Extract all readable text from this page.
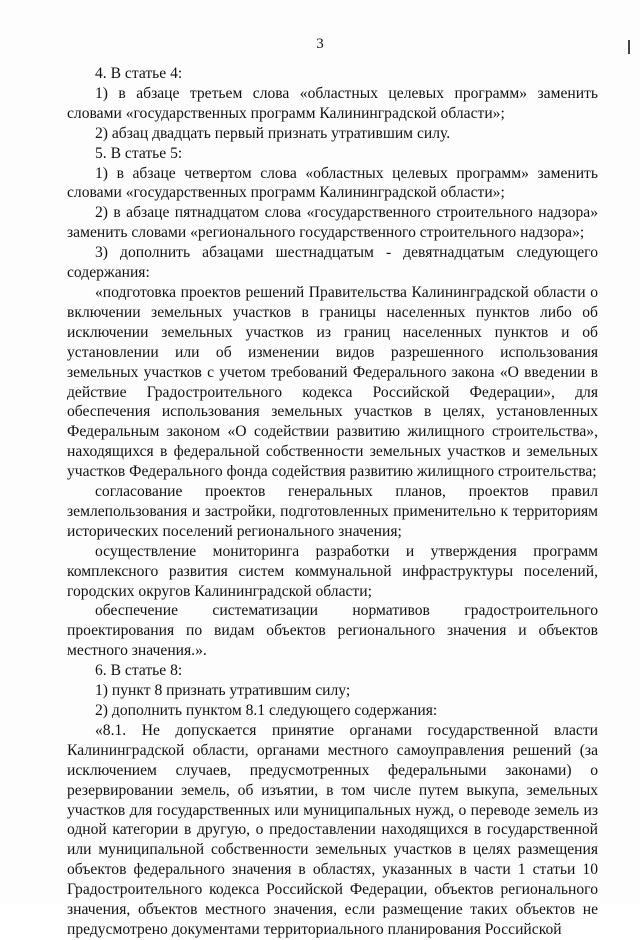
3

4. В статье 4:

1) в абзаце третьем слова «областных целевых программ» заменить словами «государственных программ Калининградской области»;

2) абзац двадцать первый признать утратившим силу.

5. В статье 5:

1) в абзаце четвертом слова «областных целевых программ» заменить словами «государственных программ Калининградской области»;

2) в абзаце пятнадцатом слова «государственного строительного надзора» заменить словами «регионального государственного строительного надзора»;

3) дополнить абзацами шестнадцатым - девятнадцатым следующего содержания:

«подготовка проектов решений Правительства Калининградской области о включении земельных участков в границы населенных пунктов либо об исключении земельных участков из границ населенных пунктов и об установлении или об изменении видов разрешенного использования земельных участков с учетом требований Федерального закона «О введении в действие Градостроительного кодекса Российской Федерации», для обеспечения использования земельных участков в целях, установленных Федеральным законом «О содействии развитию жилищного строительства», находящихся в федеральной собственности земельных участков и земельных участков Федерального фонда содействия развитию жилищного строительства;

согласование проектов генеральных планов, проектов правил землепользования и застройки, подготовленных применительно к территориям исторических поселений регионального значения;

осуществление мониторинга разработки и утверждения программ комплексного развития систем коммунальной инфраструктуры поселений, городских округов Калининградской области;

обеспечение систематизации нормативов градостроительного проектирования по видам объектов регионального значения и объектов местного значения.».

6. В статье 8:

1) пункт 8 признать утратившим силу;

2) дополнить пунктом 8.1 следующего содержания:

«8.1. Не допускается принятие органами государственной власти Калининградской области, органами местного самоуправления решений (за исключением случаев, предусмотренных федеральными законами) о резервировании земель, об изъятии, в том числе путем выкупа, земельных участков для государственных или муниципальных нужд, о переводе земель из одной категории в другую, о предоставлении находящихся в государственной или муниципальной собственности земельных участков в целях размещения объектов федерального значения в областях, указанных в части 1 статьи 10 Градостроительного кодекса Российской Федерации, объектов регионального значения, объектов местного значения, если размещение таких объектов не предусмотрено документами территориального планирования Российской
